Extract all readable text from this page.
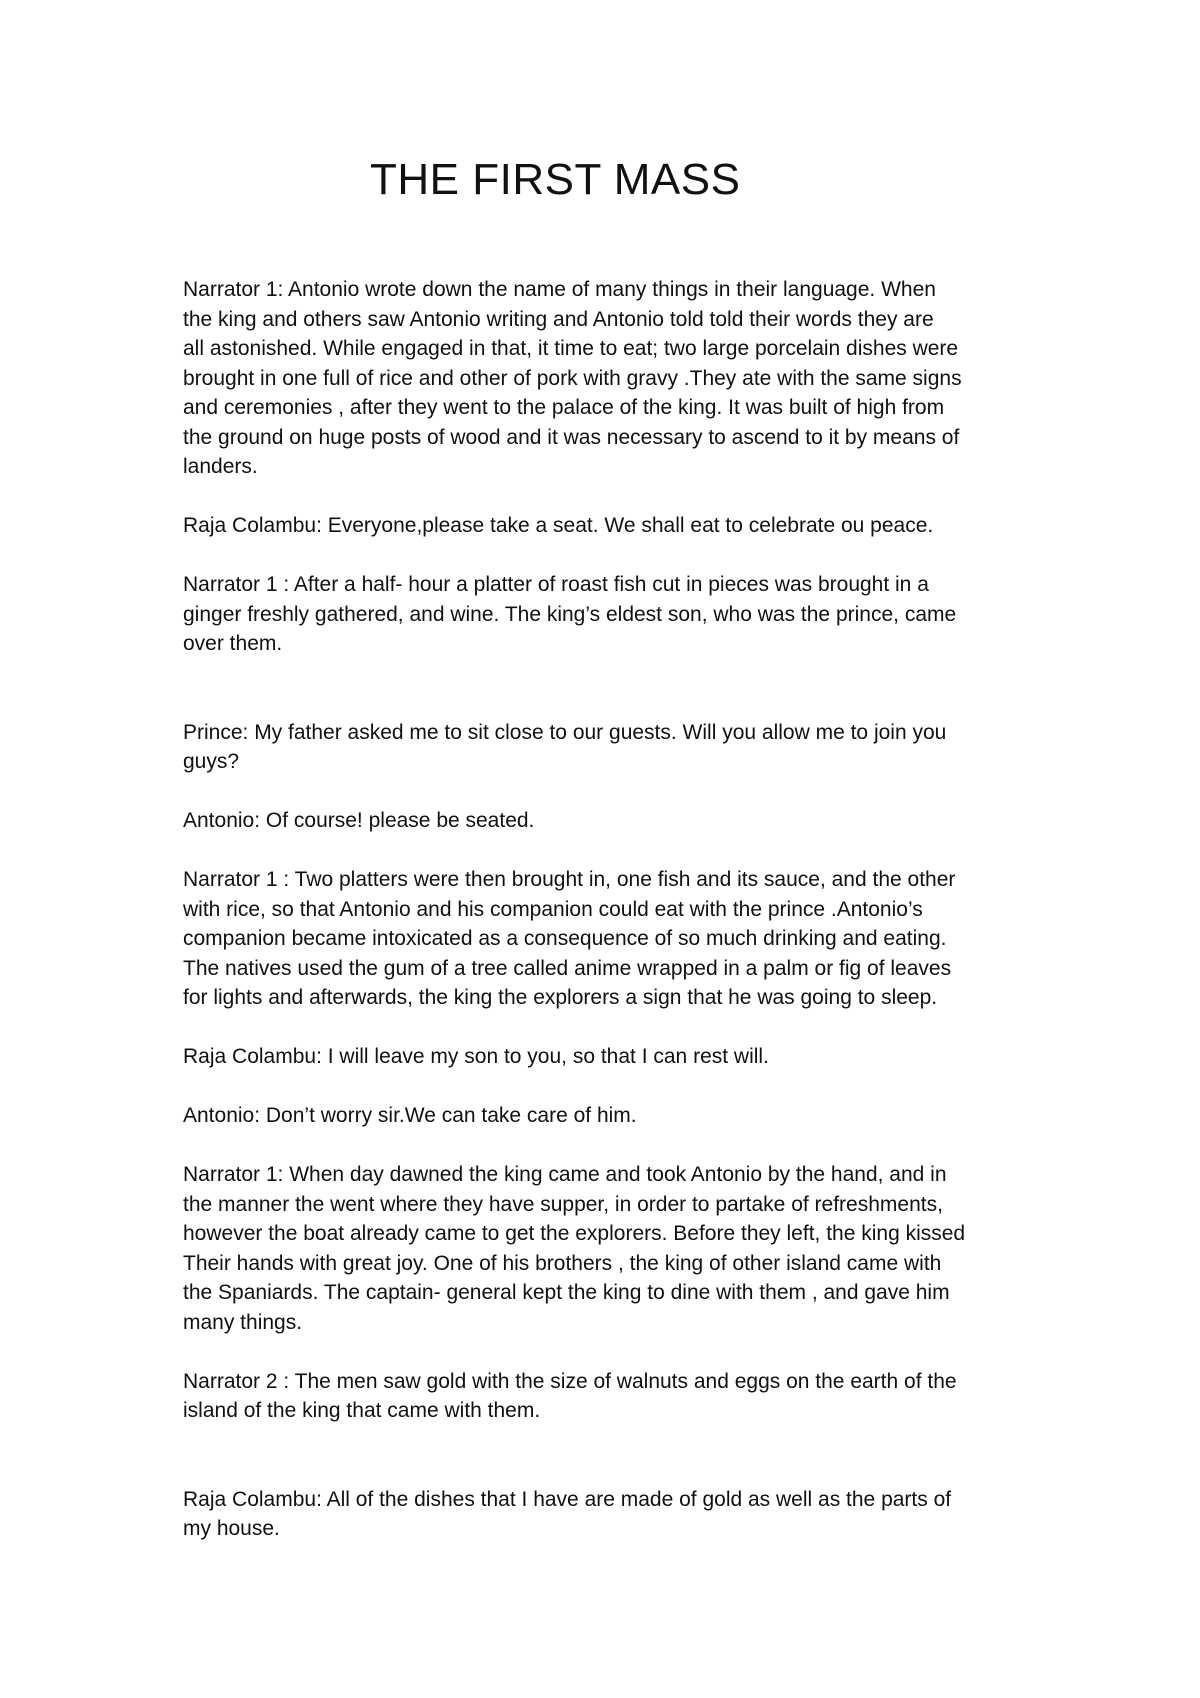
THE FIRST MASS
Narrator 1: Antonio wrote down the name of many things in their language. When
the king and others saw Antonio writing and Antonio told told their words they are
all astonished. While engaged in that, it time to eat; two large porcelain dishes were
brought in one full of rice and other of pork with gravy .They ate with the same signs
and ceremonies , after they went to the palace of the king. It was built of high from
the ground on huge posts of wood and it was necessary to ascend to it by means of
landers.
Raja Colambu: Everyone,please take a seat. We shall eat to celebrate ou peace.
Narrator 1 : After a half- hour a platter of roast fish cut in pieces was brought in a
ginger freshly gathered, and wine. The king’s eldest son, who was the prince, came
over them.
Prince: My father asked me to sit close to our guests. Will you allow me to join you
guys?
Antonio: Of course! please be seated.
Narrator 1 : Two platters were then brought in, one fish and its sauce, and the other
with rice, so that Antonio and his companion could eat with the prince .Antonio’s
companion became intoxicated as a consequence of so much drinking and eating.
The natives used the gum of a tree called anime wrapped in a palm or fig of leaves
for lights and afterwards, the king the explorers a sign that he was going to sleep.
Raja Colambu: I will leave my son to you, so that I can rest will.
Antonio: Don’t worry sir.We can take care of him.
Narrator 1: When day dawned the king came and took Antonio by the hand, and in
the manner the went where they have supper, in order to partake of refreshments,
however the boat already came to get the explorers. Before they left, the king kissed
Their hands with great joy. One of his brothers , the king of other island came with
the Spaniards. The captain- general kept the king to dine with them , and gave him
many things.
Narrator 2 : The men saw gold with the size of walnuts and eggs on the earth of the
island of the king that came with them.
Raja Colambu: All of the dishes that I have are made of gold as well as the parts of
my house.
